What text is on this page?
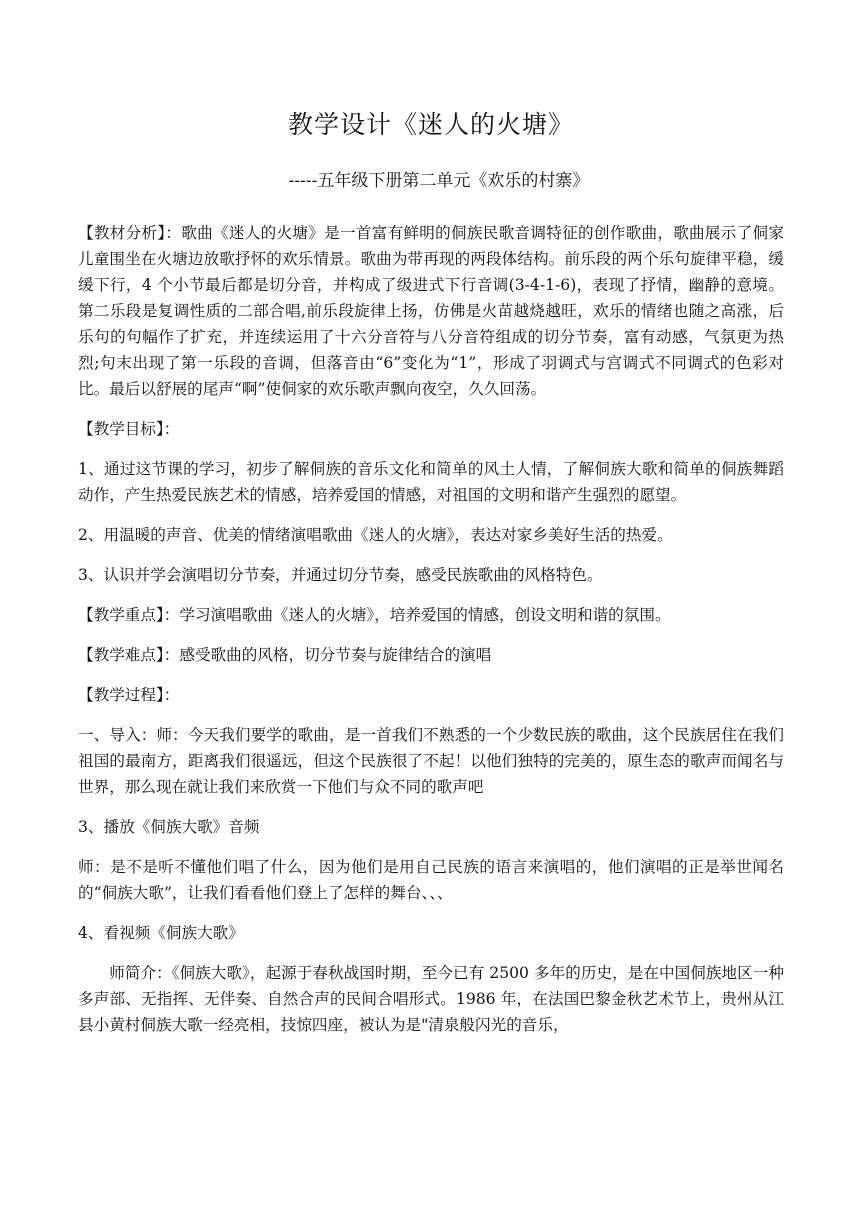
教学设计《迷人的火塘》
-----五年级下册第二单元《欢乐的村寨》

【教材分析】：歌曲《迷人的火塘》是一首富有鲜明的侗族民歌音调特征的创作歌曲，歌曲展示了侗家儿童围坐在火塘边放歌抒怀的欢乐情景。歌曲为带再现的两段体结构。前乐段的两个乐句旋律平稳，缓缓下行，4 个小节最后都是切分音，并构成了级进式下行音调(3-4-1-6)，表现了抒情，幽静的意境。第二乐段是复调性质的二部合唱,前乐段旋律上扬，仿佛是火苗越烧越旺，欢乐的情绪也随之高涨，后乐句的句幅作了扩充，并连续运用了十六分音符与八分音符组成的切分节奏，富有动感，气氛更为热烈;句末出现了第一乐段的音调，但落音由“6”变化为“1”，形成了羽调式与宫调式不同调式的色彩对比。最后以舒展的尾声“啊”使侗家的欢乐歌声飘向夜空，久久回荡。

【教学目标】：

1、通过这节课的学习，初步了解侗族的音乐文化和简单的风土人情，了解侗族大歌和简单的侗族舞蹈动作，产生热爱民族艺术的情感，培养爱国的情感，对祖国的文明和谐产生强烈的愿望。

2、用温暖的声音、优美的情绪演唱歌曲《迷人的火塘》，表达对家乡美好生活的热爱。

3、认识并学会演唱切分节奏，并通过切分节奏，感受民族歌曲的风格特色。

【教学重点】：学习演唱歌曲《迷人的火塘》，培养爱国的情感，创设文明和谐的氛围。

【教学难点】：感受歌曲的风格，切分节奏与旋律结合的演唱

【教学过程】：

一、导入：师：今天我们要学的歌曲，是一首我们不熟悉的一个少数民族的歌曲，这个民族居住在我们祖国的最南方，距离我们很遥远，但这个民族很了不起！以他们独特的完美的，原生态的歌声而闻名与世界，那么现在就让我们来欣赏一下他们与众不同的歌声吧

3、播放《侗族大歌》音频

师：是不是听不懂他们唱了什么，因为他们是用自己民族的语言来演唱的，他们演唱的正是举世闻名的“侗族大歌”，让我们看看他们登上了怎样的舞台、、、

4、看视频《侗族大歌》

师简介：《侗族大歌》，起源于春秋战国时期，至今已有 2500 多年的历史，是在中国侗族地区一种多声部、无指挥、无伴奏、自然合声的民间合唱形式。1986 年，在法国巴黎金秋艺术节上，贵州从江县小黄村侗族大歌一经亮相，技惊四座，被认为是"清泉般闪光的音乐，
